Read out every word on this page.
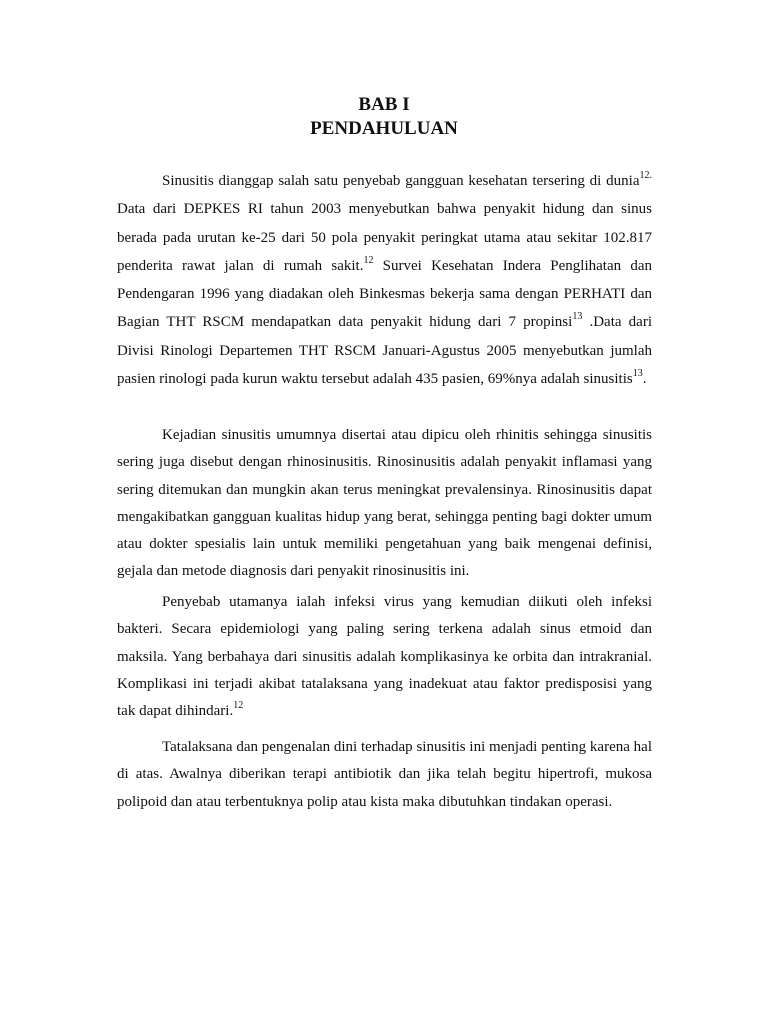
BAB I
PENDAHULUAN

Sinusitis dianggap salah satu penyebab gangguan kesehatan tersering di dunia$^{12.}$ Data dari DEPKES RI tahun 2003 menyebutkan bahwa penyakit hidung dan sinus berada pada urutan ke-25 dari 50 pola penyakit peringkat utama atau sekitar 102.817 penderita rawat jalan di rumah sakit.$^{12}$ Survei Kesehatan Indera Penglihatan dan Pendengaran 1996 yang diadakan oleh Binkesmas bekerja sama dengan PERHATI dan Bagian THT RSCM mendapatkan data penyakit hidung dari 7 propinsi$^{13}$ .Data dari Divisi Rinologi Departemen THT RSCM Januari-Agustus 2005 menyebutkan jumlah pasien rinologi pada kurun waktu tersebut adalah 435 pasien, 69%nya adalah sinusitis$^{13}$.

Kejadian sinusitis umumnya disertai atau dipicu oleh rhinitis sehingga sinusitis sering juga disebut dengan rhinosinusitis. Rinosinusitis adalah penyakit inflamasi yang sering ditemukan dan mungkin akan terus meningkat prevalensinya. Rinosinusitis dapat mengakibatkan gangguan kualitas hidup yang berat, sehingga penting bagi dokter umum atau dokter spesialis lain untuk memiliki pengetahuan yang baik mengenai definisi, gejala dan metode diagnosis dari penyakit rinosinusitis ini.

Penyebab utamanya ialah infeksi virus yang kemudian diikuti oleh infeksi bakteri. Secara epidemiologi yang paling sering terkena adalah sinus etmoid dan maksila. Yang berbahaya dari sinusitis adalah komplikasinya ke orbita dan intrakranial. Komplikasi ini terjadi akibat tatalaksana yang inadekuat atau faktor predisposisi yang tak dapat dihindari.$^{12}$

Tatalaksana dan pengenalan dini terhadap sinusitis ini menjadi penting karena hal di atas. Awalnya diberikan terapi antibiotik dan jika telah begitu hipertrofi, mukosa polipoid dan atau terbentuknya polip atau kista maka dibutuhkan tindakan operasi.
